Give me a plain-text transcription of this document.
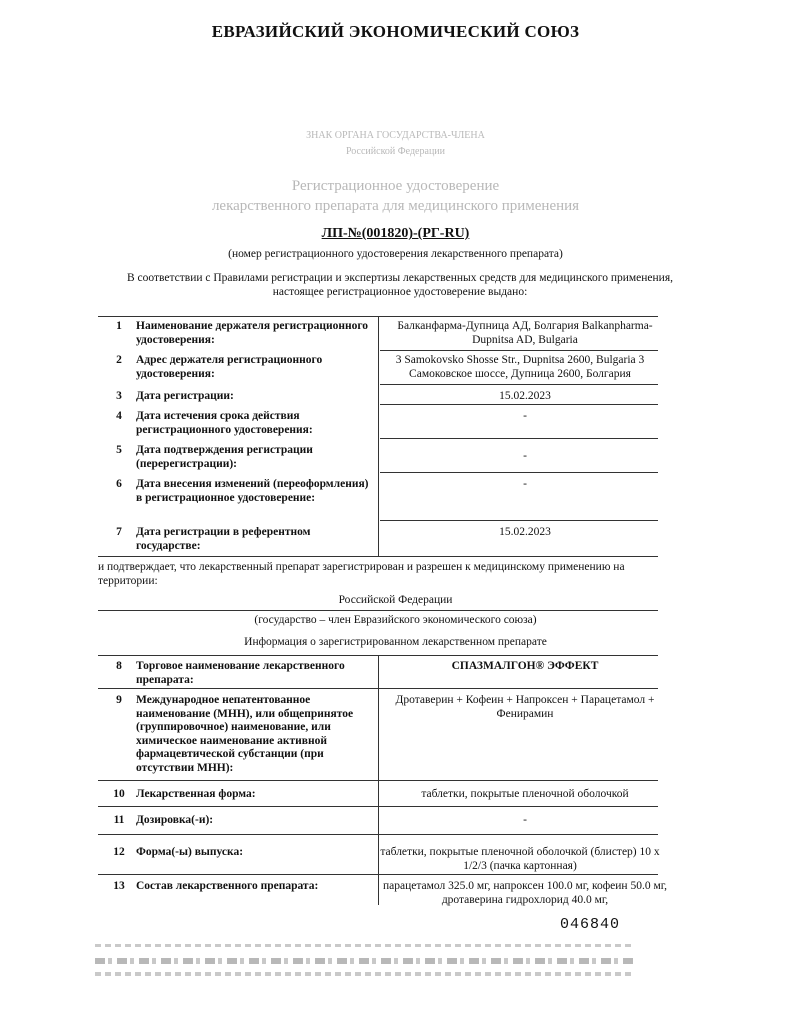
ЕВРАЗИЙСКИЙ ЭКОНОМИЧЕСКИЙ СОЮЗ
ЗНАК ОРГАНА ГОСУДАРСТВА-ЧЛЕНА
Российской Федерации
Регистрационное удостоверение
лекарственного препарата для медицинского применения
ЛП-№(001820)-(РГ-RU)
(номер регистрационного удостоверения лекарственного препарата)
В соответствии с Правилами регистрации и экспертизы лекарственных средств для медицинского применения, настоящее регистрационное удостоверение выдано:
1	Наименование держателя регистрационного удостоверения:
Балканфарма-Дупница АД, Болгария Balkanpharma-Dupnitsa AD, Bulgaria
2	Адрес держателя регистрационного удостоверения:
3 Samokovsko Shosse Str., Dupnitsa 2600, Bulgaria 3 Самоковское шоссе, Дупница 2600, Болгария
3	Дата регистрации:	15.02.2023
4	Дата истечения срока действия регистрационного удостоверения:
-
5	Дата подтверждения регистрации (перерегистрации):
-
6	Дата внесения изменений (переоформления) в регистрационное удостоверение:
-
7	Дата регистрации в референтном государстве:
15.02.2023
и подтверждает, что лекарственный препарат зарегистрирован и разрешен к медицинскому применению на территории:
Российской Федерации
(государство – член Евразийского экономического союза)
Информация о зарегистрированном лекарственном препарате
8	Торговое наименование лекарственного препарата:
СПАЗМАЛГОН® ЭФФЕКТ
9	Международное непатентованное наименование (МНН), или общепринятое (группировочное) наименование, или химическое наименование активной фармацевтической субстанции (при отсутствии МНН):
Дротаверин + Кофеин + Напроксен + Парацетамол + Фенирамин
10 Лекарственная форма:	таблетки, покрытые пленочной оболочкой
11	Дозировка(-и):	-
12 Форма(-ы) выпуска:	таблетки, покрытые пленочной оболочкой (блистер) 10 x 1/2/3 (пачка картонная)
13 Состав лекарственного препарата:	парацетамол 325.0 мг, напроксен 100.0 мг, кофеин 50.0 мг, дротаверина гидрохлорид 40.0 мг,
046840
